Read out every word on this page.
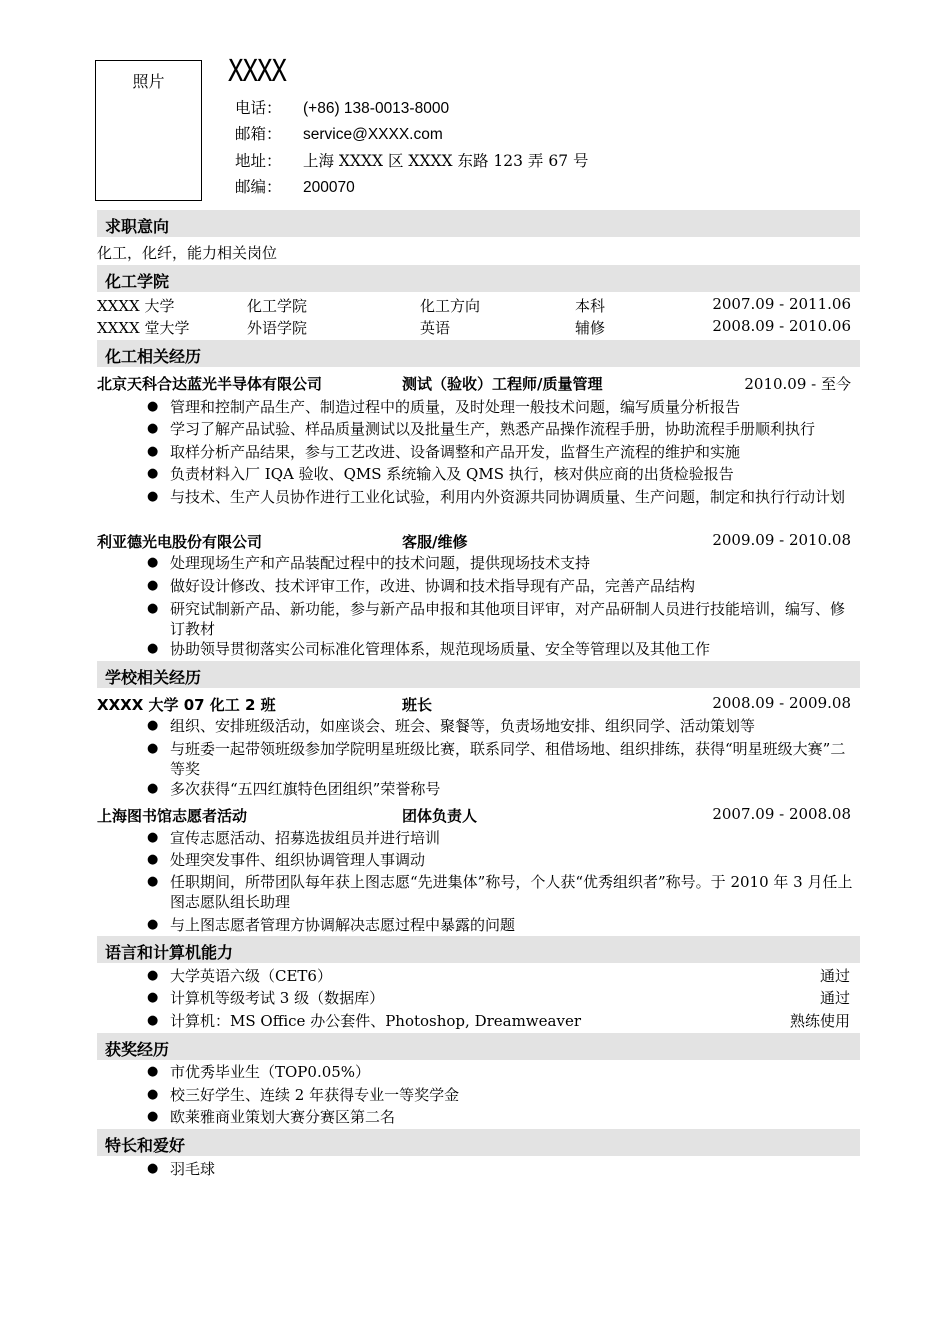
照片	XXXX
电话： (+86) 138-0013-8000
邮箱： service@XXXX.com
地址： 上海 XXXX 区 XXXX 东路 123 弄 67 号
邮编： 200070
求职意向
化工，化纤，能力相关岗位
化工学院
XXXX 大学	化工学院	化工方向	本科	2007.09 - 2011.06
XXXX 堂大学	外语学院	英语	辅修	2008.09 - 2010.06
化工相关经历
北京天科合达蓝光半导体有限公司	测试（验收）工程师/质量管理	2010.09 - 至今
● 管理和控制产品生产、制造过程中的质量，及时处理一般技术问题，编写质量分析报告
● 学习了解产品试验、样品质量测试以及批量生产，熟悉产品操作流程手册，协助流程手册顺利执行
● 取样分析产品结果，参与工艺改进、设备调整和产品开发，监督生产流程的维护和实施
● 负责材料入厂 IQA 验收、QMS 系统输入及 QMS 执行，核对供应商的出货检验报告
● 与技术、生产人员协作进行工业化试验，利用内外资源共同协调质量、生产问题，制定和执行行动计划
利亚德光电股份有限公司	客服/维修	2009.09 - 2010.08
● 处理现场生产和产品装配过程中的技术问题，提供现场技术支持
● 做好设计修改、技术评审工作，改进、协调和技术指导现有产品，完善产品结构
● 研究试制新产品、新功能，参与新产品申报和其他项目评审，对产品研制人员进行技能培训，编写、修订教材
● 协助领导贯彻落实公司标准化管理体系，规范现场质量、安全等管理以及其他工作
学校相关经历
XXXX 大学 07 化工 2 班	班长	2008.09 - 2009.08
● 组织、安排班级活动，如座谈会、班会、聚餐等，负责场地安排、组织同学、活动策划等
● 与班委一起带领班级参加学院明星班级比赛，联系同学、租借场地、组织排练，获得“明星班级大赛”二等奖
● 多次获得“五四红旗特色团组织”荣誉称号
上海图书馆志愿者活动	团体负责人	2007.09 - 2008.08
● 宣传志愿活动、招募选拔组员并进行培训
● 处理突发事件、组织协调管理人事调动
● 任职期间，所带团队每年获上图志愿“先进集体”称号，个人获“优秀组织者”称号。于 2010 年 3 月任上图志愿队组长助理
● 与上图志愿者管理方协调解决志愿过程中暴露的问题
语言和计算机能力
● 大学英语六级（CET6）	通过
● 计算机等级考试 3 级（数据库）	通过
● 计算机：MS Office 办公套件、Photoshop, Dreamweaver	熟练使用
获奖经历
● 市优秀毕业生（TOP0.05%）
● 校三好学生、连续 2 年获得专业一等奖学金
● 欧莱雅商业策划大赛分赛区第二名
特长和爱好
● 羽毛球
